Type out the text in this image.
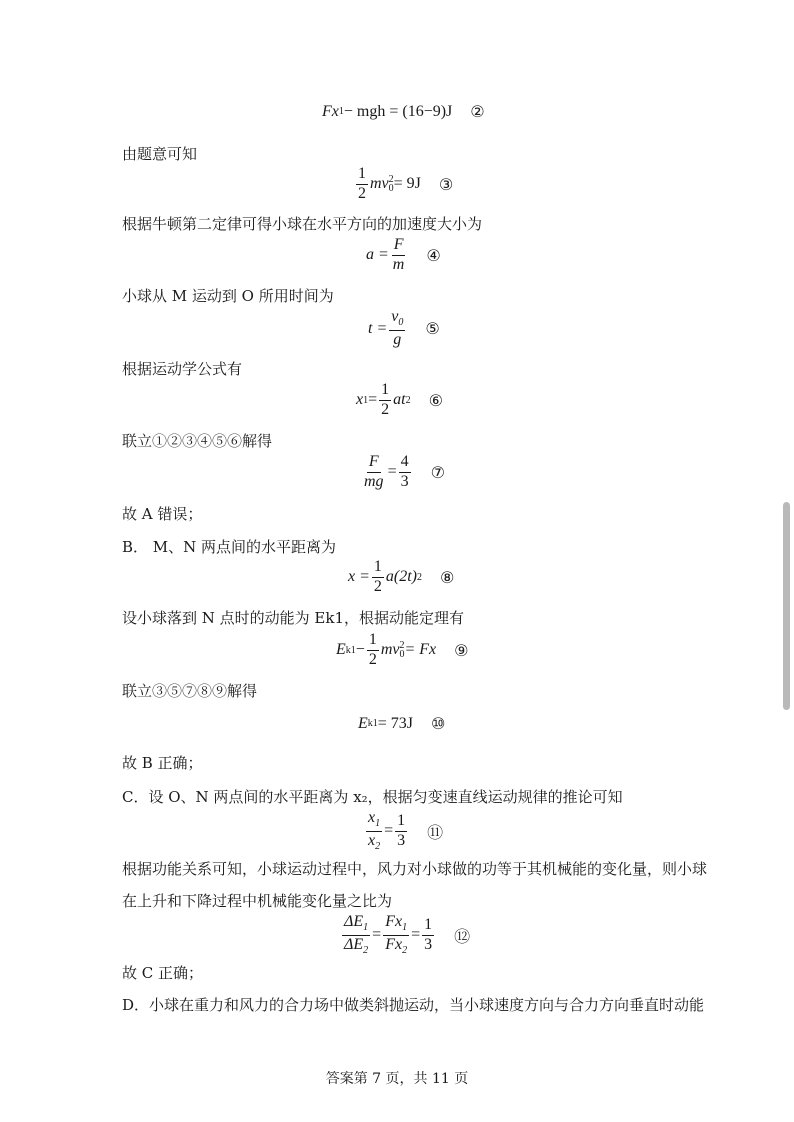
Fx 1 − mgh = (16−9)J ②
由题意可知
$\frac{1}{2}$ mv 2
0 = 9J ③
根据牛顿第二定律可得小球在水平方向的加速度大小为
$a = \frac{F}{m}$ ④
小球从 M 运动到 O 所用时间为
$t = \frac{v_0}{g}$ ⑤
根据运动学公式有
x $1 = \frac{1}{2}$ at 2 ⑥
联立①②③④⑤⑥解得
$\frac{F}{mg} = \frac{4}{3}$ ⑦
故 A 错误；
B． M、N 两点间的水平距离为
$x = \frac{1}{2} a(2t)$ 2 ⑧
设小球落到 N 点时的动能为 Ek1，根据动能定理有
E $k1 - \frac{1}{2}$ mv 2
0 = Fx ⑨
联立③⑤⑦⑧⑨解得
E k1 = 73J ⑩
故 B 正确；
C．设 O、N 两点间的水平距离为 x₂，根据匀变速直线运动规律的推论可知
$\frac{x_1}{x_2} = \frac{1}{3}$ ⑪
根据功能关系可知，小球运动过程中，风力对小球做的功等于其机械能的变化量，则小球
在上升和下降过程中机械能变化量之比为
$\frac{\Delta E_1}{\Delta E_2} = \frac{Fx_1}{Fx_2} = \frac{1}{3}$ ⑫
故 C 正确；
D．小球在重力和风力的合力场中做类斜抛运动，当小球速度方向与合力方向垂直时动能
答案第 7 页，共 11 页
